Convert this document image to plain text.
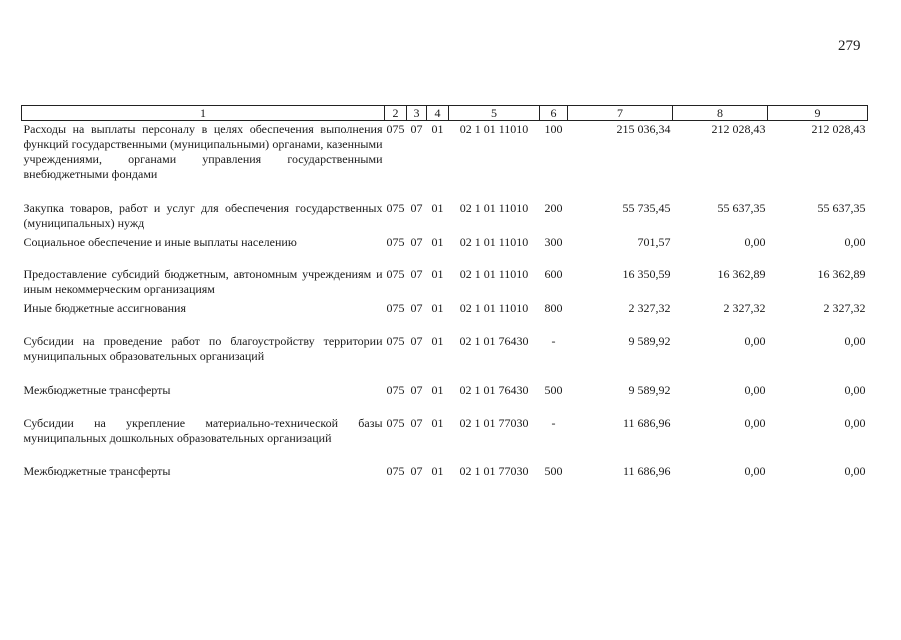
279
1	2	3	4	5	6	7	8	9
Расходы на выплаты персоналу в целях обеспечения выполнения функций государственными (муниципальными) органами, казенными учреждениями, органами управления государственными внебюджетными фондами	075	07	01	02 1 01 11010	100	215 036,34	212 028,43	212 028,43
Закупка товаров, работ и услуг для обеспечения государственных (муниципальных) нужд	075	07	01	02 1 01 11010	200	55 735,45	55 637,35	55 637,35
Социальное обеспечение и иные выплаты населению	075	07	01	02 1 01 11010	300	701,57	0,00	0,00
Предоставление субсидий бюджетным, автономным учреждениям и иным некоммерческим организациям	075	07	01	02 1 01 11010	600	16 350,59	16 362,89	16 362,89
Иные бюджетные ассигнования	075	07	01	02 1 01 11010	800	2 327,32	2 327,32	2 327,32
Субсидии на проведение работ по благоустройству территории муниципальных образовательных организаций	075	07	01	02 1 01 76430	-	9 589,92	0,00	0,00
Межбюджетные трансферты	075	07	01	02 1 01 76430	500	9 589,92	0,00	0,00
Субсидии на укрепление материально-технической базы муниципальных дошкольных образовательных организаций	075	07	01	02 1 01 77030	-	11 686,96	0,00	0,00
Межбюджетные трансферты	075	07	01	02 1 01 77030	500	11 686,96	0,00	0,00
